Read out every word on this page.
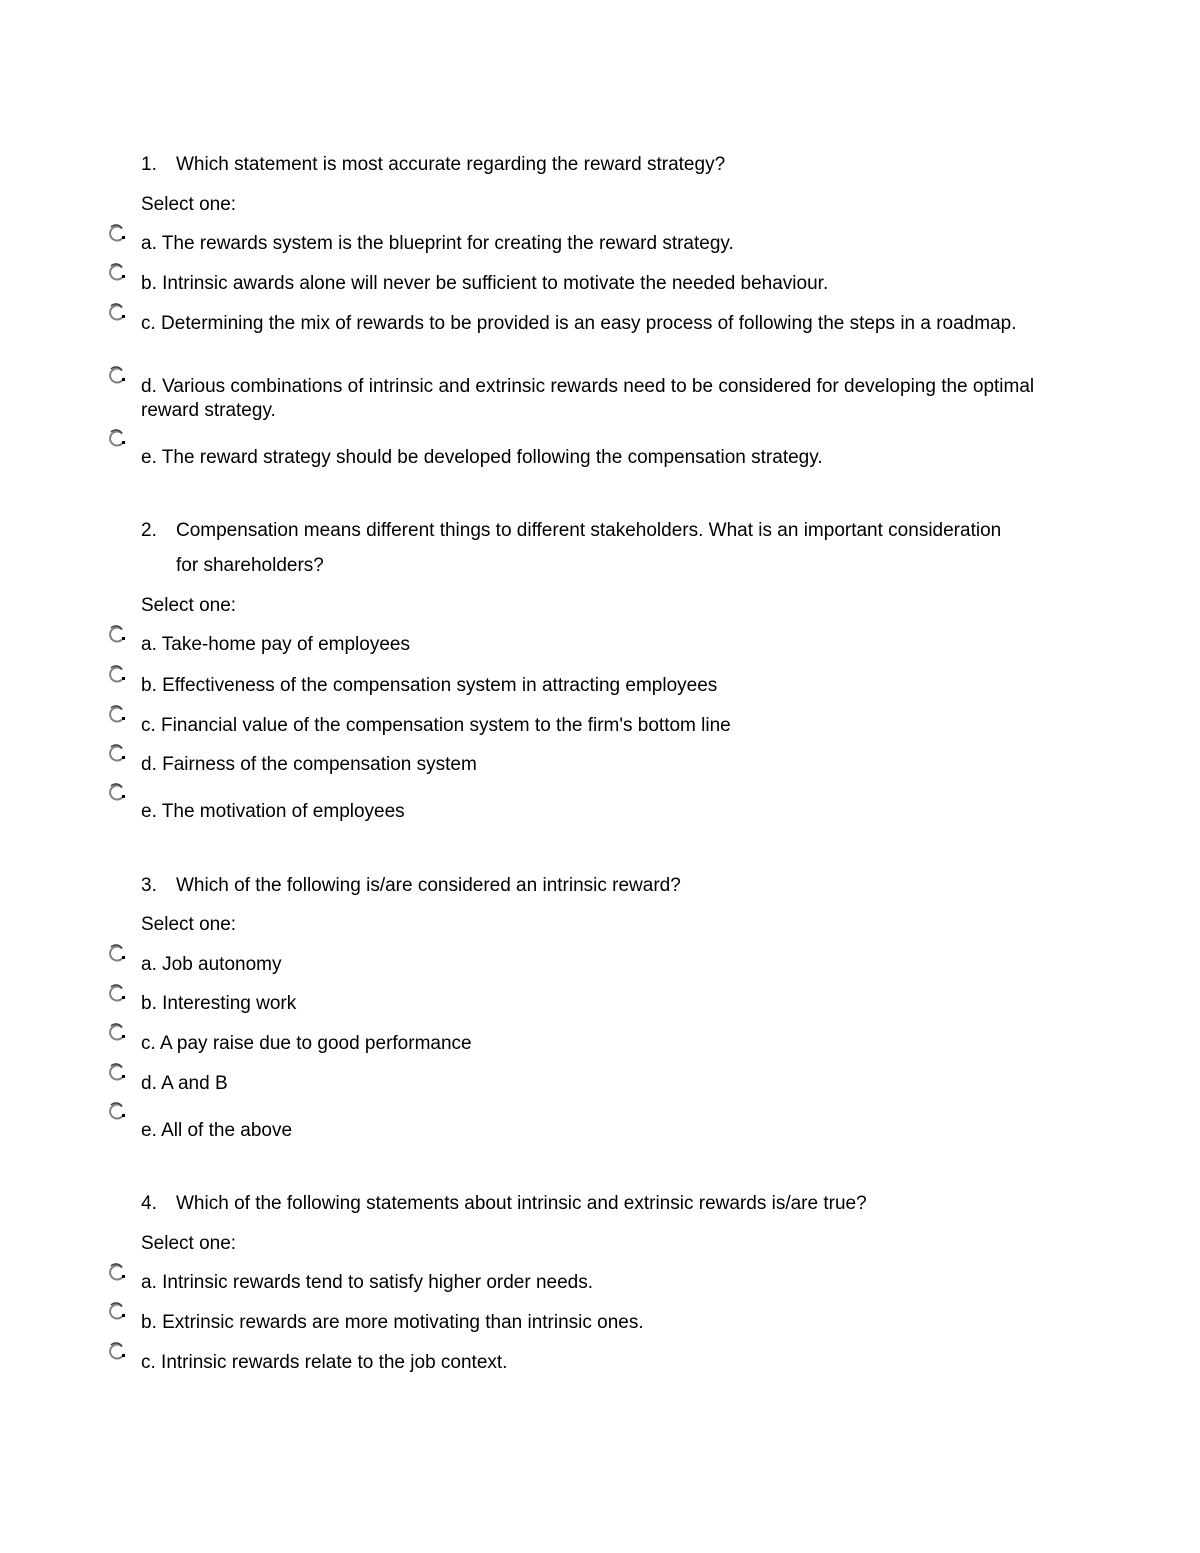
1.	Which statement is most accurate regarding the reward strategy?
Select one:
a. The rewards system is the blueprint for creating the reward strategy.
b. Intrinsic awards alone will never be sufficient to motivate the needed behaviour.
c. Determining the mix of rewards to be provided is an easy process of following the steps in a roadmap.
d. Various combinations of intrinsic and extrinsic rewards need to be considered for developing the optimal reward strategy.
e. The reward strategy should be developed following the compensation strategy.
2.	Compensation means different things to different stakeholders. What is an important consideration for shareholders?
Select one:
a. Take-home pay of employees
b. Effectiveness of the compensation system in attracting employees
c. Financial value of the compensation system to the firm's bottom line
d. Fairness of the compensation system
e. The motivation of employees
3.	Which of the following is/are considered an intrinsic reward?
Select one:
a. Job autonomy
b. Interesting work
c. A pay raise due to good performance
d. A and B
e. All of the above
4.	Which of the following statements about intrinsic and extrinsic rewards is/are true?
Select one:
a. Intrinsic rewards tend to satisfy higher order needs.
b. Extrinsic rewards are more motivating than intrinsic ones.
c. Intrinsic rewards relate to the job context.
